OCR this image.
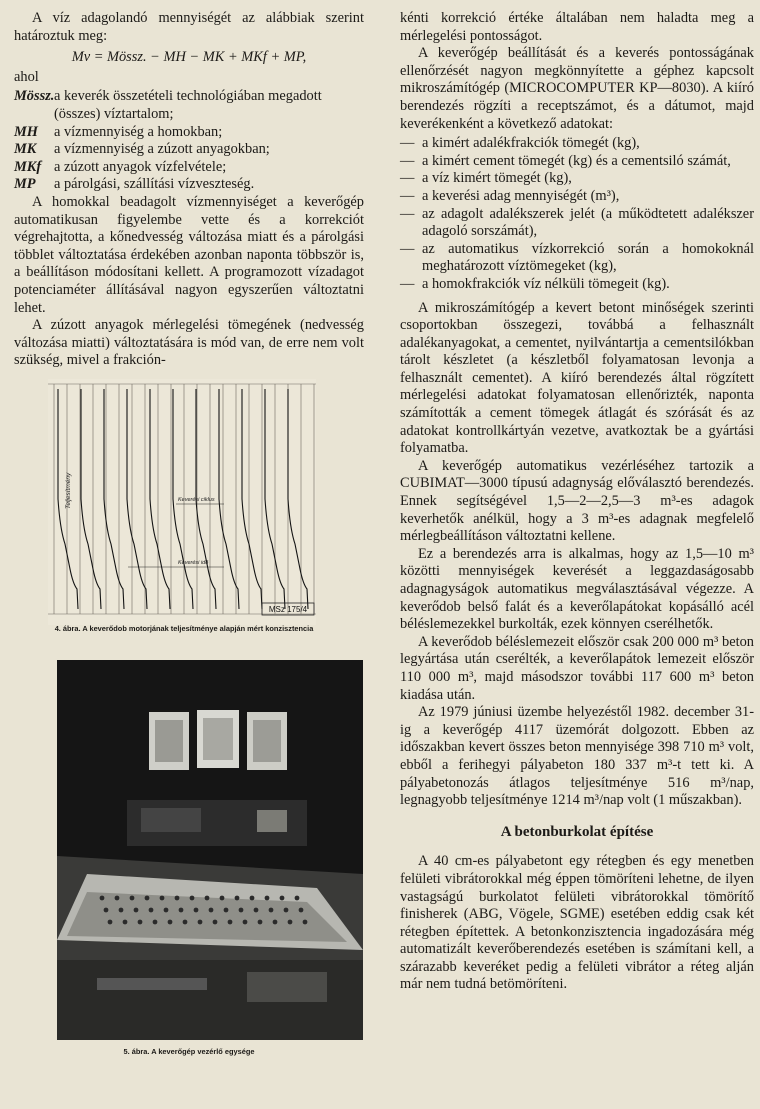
A víz adagolandó mennyiségét az alábbiak szerint határoztuk meg:

Mv = Mössz. − MH − MK + MKf + MP,

ahol

Mössz. a keverék összetételi technológiában megadott (összes) víztartalom;
MH	a vízmennyiség a homokban;
MK	a vízmennyiség a zúzott anyagokban;
MKf a zúzott anyagok vízfelvétele;
MP	a párolgási, szállítási vízveszteség.

A homokkal beadagolt vízmennyiséget a keverőgép automatikusan figyelembe vette és a korrekciót végrehajtotta, a kőnedvesség változása miatt és a párolgási többlet változtatása érdekében azonban naponta többször is, a beállításon módosítani kellett. A programozott vízadagot potenciaméter állításával nagyon egyszerűen változtatni lehet.

A zúzott anyagok mérlegelési tömegének (nedvesség változása miatti) változtatására is mód van, de erre nem volt szükség, mivel a frakción-

Teljesítmény	Keverési ciklus
Keverési idő
MSz 175/4
4. ábra. A keverődob motorjának teljesítménye alapján mért konzisztencia
5. ábra. A keverőgép vezérlő egysége

kénti korrekció értéke általában nem haladta meg a mérlegelési pontosságot.

A keverőgép beállítását és a keverés pontosságának ellenőrzését nagyon megkönnyítette a géphez kapcsolt mikroszámítógép (MICROCOMPUTER KP—8030). A kiíró berendezés rögzíti a receptszámot, és a dátumot, majd keverékenként a következő adatokat:

— a kimért adalékfrakciók tömegét (kg),
— a kimért cement tömegét (kg) és a cementsiló számát,
— a víz kimért tömegét (kg),
— a keverési adag mennyiségét (m³),
— az adagolt adalékszerek jelét (a működtetett adalékszer adagoló sorszámát),
— az automatikus vízkorrekció során a homokoknál meghatározott víztömegeket (kg),
— a homokfrakciók víz nélküli tömegeit (kg).

A mikroszámítógép a kevert betont minőségek szerinti csoportokban összegezi, továbbá a felhasznált adalékanyagokat, a cementet, nyilvántartja a cementsilókban tárolt készletet (a készletből folyamatosan levonja a felhasznált cementet). A kiíró berendezés által rögzített mérlegelési adatokat folyamatosan ellenőrizték, naponta számították a cement tömegek átlagát és szórását és az adatokat kontrollkártyán vezetve, avatkoztak be a gyártási folyamatba.

A keverőgép automatikus vezérléséhez tartozik a CUBIMAT—3000 típusú adagnyság előválasztó berendezés. Ennek segítségével 1,5—2—2,5—3 m³-es adagok keverhetők anélkül, hogy a 3 m³-es adagnak megfelelő mérlegbeállításon változtatni kellene.

Ez a berendezés arra is alkalmas, hogy az 1,5—10 m³ közötti mennyiségek keverését a leggazdaságosabb adagnagyságok automatikus megválasztásával végezze. A keverődob belső falát és a keverőlapátokat kopásálló acél béléslemezekkel burkolták, ezek könnyen cserélhetők.

A keverődob béléslemezeit először csak 200 000 m³ beton legyártása után cserélték, a keverőlapátok lemezeit először 110 000 m³, majd másodszor további 117 600 m³ beton kiadása után.

Az 1979 júniusi üzembe helyezéstől 1982. december 31-ig a keverőgép 4117 üzemórát dolgozott. Ebben az időszakban kevert összes beton mennyisége 398 710 m³ volt, ebből a ferihegyi pályabeton 180 337 m³-t tett ki. A pályabetonozás átlagos teljesítménye 516 m³/nap, legnagyobb teljesítménye 1214 m³/nap volt (1 műszakban).

A betonburkolat építése

A 40 cm-es pályabetont egy rétegben és egy menetben felületi vibrátorokkal még éppen tömöríteni lehetne, de ilyen vastagságú burkolatot felületi vibrátorokkal tömörítő finisherek (ABG, Vögele, SGME) esetében eddig csak két rétegben építettek. A betonkonzisztencia ingadozására még automatizált keverőberendezés esetében is számítani kell, a szárazabb keveréket pedig a felületi vibrátor a réteg alján már nem tudná betömöríteni.
